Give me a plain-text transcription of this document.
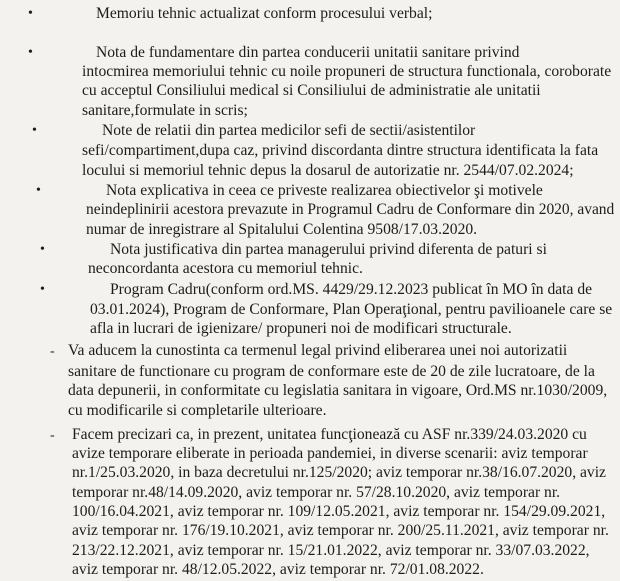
•	Memoriu tehnic actualizat conform procesului verbal;
•	Nota de fundamentare din partea conducerii unitatii sanitare privind
intocmirea memoriului tehnic cu noile propuneri de structura functionala, coroborate
cu acceptul Consiliului medical si Consiliului de administratie ale unitatii
sanitare,formulate in scris;
•	Note de relatii din partea medicilor sefi de sectii/asistentilor
sefi/compartiment,dupa caz, privind discordanta dintre structura identificata la fata
locului si memoriul tehnic depus la dosarul de autorizatie nr. 2544/07.02.2024;
•	Nota explicativa in ceea ce priveste realizarea obiectivelor şi motivele
neindeplinirii acestora prevazute in Programul Cadru de Conformare din 2020, avand
numar de inregistrare al Spitalului Colentina 9508/17.03.2020.
•	Nota justificativa din partea managerului privind diferenta de paturi si
neconcordanta acestora cu memoriul tehnic.
•	Program Cadru(conform ord.MS. 4429/29.12.2023 publicat în MO în data de
03.01.2024), Program de Conformare, Plan Operaţional, pentru pavilioanele care se
afla in lucrari de igienizare/ propuneri noi de modificari structurale.
- Va aducem la cunostinta ca termenul legal privind eliberarea unei noi autorizatii
sanitare de functionare cu program de conformare este de 20 de zile lucratoare, de la
data depunerii, in conformitate cu legislatia sanitara in vigoare, Ord.MS nr.1030/2009,
cu modificarile si completarile ulterioare.
- Facem precizari ca, in prezent, unitatea funcţionează cu ASF nr.339/24.03.2020 cu
avize temporare eliberate in perioada pandemiei, in diverse scenarii: aviz temporar
nr.1/25.03.2020, in baza decretului nr.125/2020; aviz temporar nr.38/16.07.2020, aviz
temporar nr.48/14.09.2020, aviz temporar nr. 57/28.10.2020, aviz temporar nr.
100/16.04.2021, aviz temporar nr. 109/12.05.2021, aviz temporar nr. 154/29.09.2021,
aviz temporar nr. 176/19.10.2021, aviz temporar nr. 200/25.11.2021, aviz temporar nr.
213/22.12.2021, aviz temporar nr. 15/21.01.2022, aviz temporar nr. 33/07.03.2022,
aviz temporar nr. 48/12.05.2022, aviz temporar nr. 72/01.08.2022.
